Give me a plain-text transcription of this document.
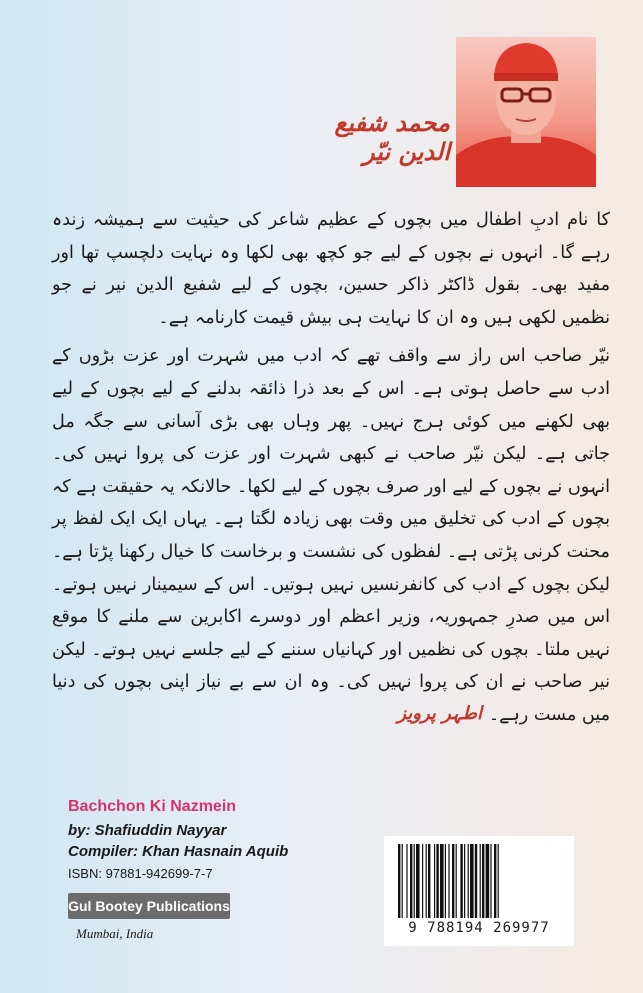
محمد شفیع الدین نیّر

کا نام ادبِ اطفال میں بچوں کے عظیم شاعر کی حیثیت سے ہمیشہ زندہ رہے گا۔ انہوں نے بچوں کے لیے جو کچھ بھی لکھا وہ نہایت دلچسپ تھا اور مفید بھی۔ بقول ڈاکٹر ذاکر حسین، بچوں کے لیے شفیع الدین نیر نے جو نظمیں لکھی ہیں وہ ان کا نہایت ہی بیش قیمت کارنامہ ہے۔

نیّر صاحب اس راز سے واقف تھے کہ ادب میں شہرت اور عزت بڑوں کے ادب سے حاصل ہوتی ہے۔ اس کے بعد ذرا ذائقہ بدلنے کے لیے بچوں کے لیے بھی لکھنے میں کوئی ہرج نہیں۔ پھر وہاں بھی بڑی آسانی سے جگہ مل جاتی ہے۔ لیکن نیّر صاحب نے کبھی شہرت اور عزت کی پروا نہیں کی۔ انہوں نے بچوں کے لیے اور صرف بچوں کے لیے لکھا۔ حالانکہ یہ حقیقت ہے کہ بچوں کے ادب کی تخلیق میں وقت بھی زیادہ لگتا ہے۔ یہاں ایک ایک لفظ پر محنت کرنی پڑتی ہے۔ لفظوں کی نشست و برخاست کا خیال رکھنا پڑتا ہے۔ لیکن بچوں کے ادب کی کانفرنسیں نہیں ہوتیں۔ اس کے سیمینار نہیں ہوتے۔ اس میں صدرِ جمہوریہ، وزیر اعظم اور دوسرے اکابرین سے ملنے کا موقع نہیں ملتا۔ بچوں کی نظمیں اور کہانیاں سننے کے لیے جلسے نہیں ہوتے۔ لیکن نیر صاحب نے ان کی پروا نہیں کی۔ وہ ان سے بے نیاز اپنی بچوں کی دنیا میں مست رہے۔

اطہر پرویز
Bachchon Ki Nazmein
by: Shafiuddin Nayyar
Compiler: Khan Hasnain Aquib
ISBN: 97881-942699-7-7
Gul Bootey Publications
Mumbai, India	9 788194 269977
